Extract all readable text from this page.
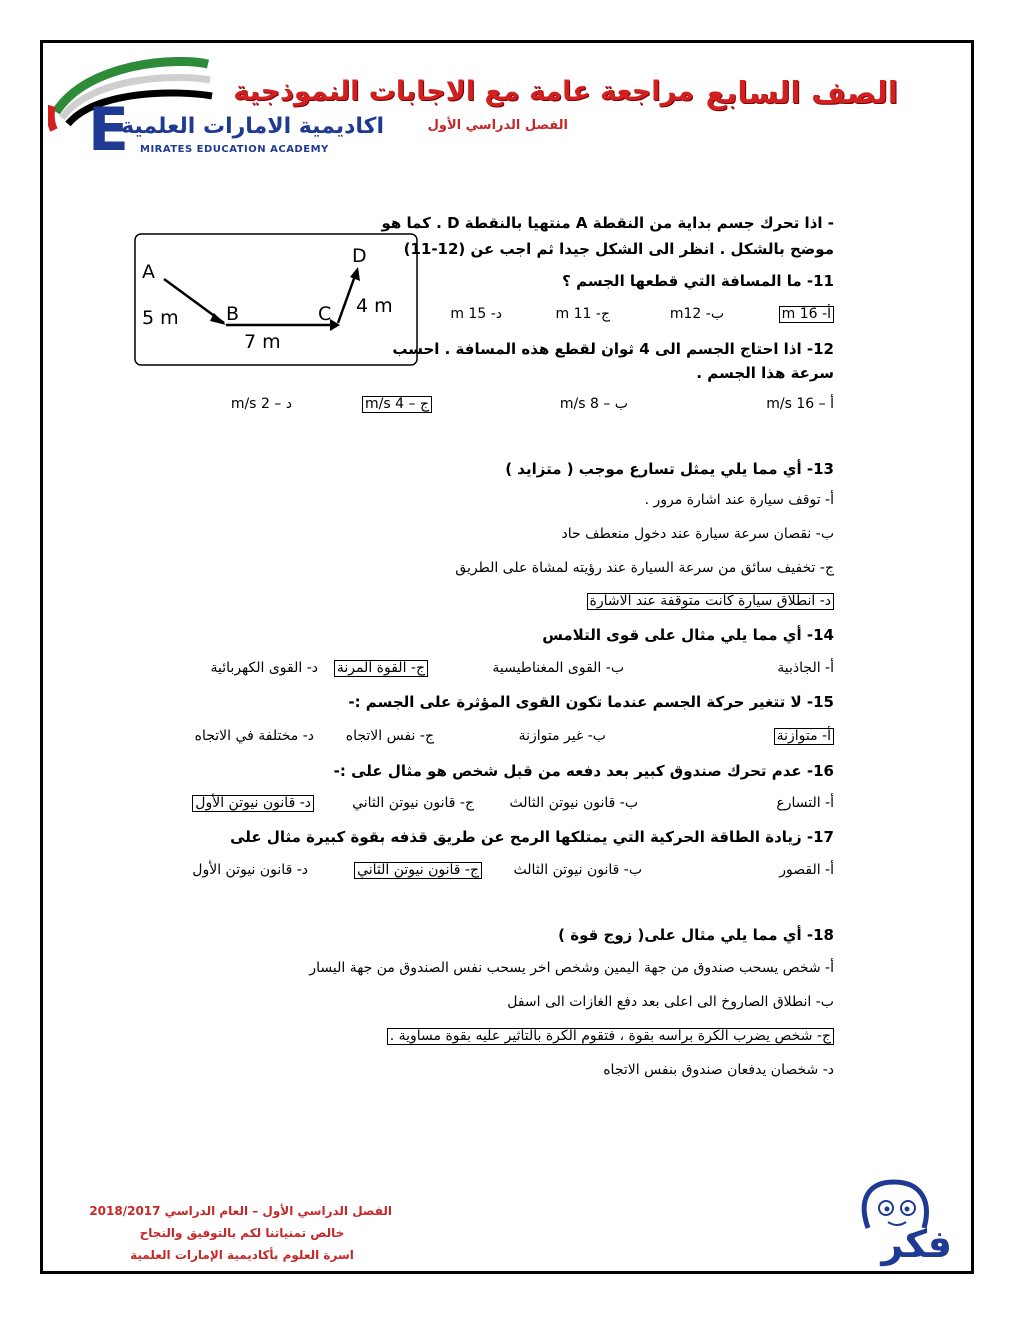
E
اكاديمية الامارات العلمية
MIRATES EDUCATION ACADEMY
الصف السابع
مراجعة عامة مع الاجابات النموذجية
الفصل الدراسي الأول
A
B	C
D
5 m
7 m
4 m
- اذا تحرك جسم بداية من النقطة A منتهيا بالنقطة D . كما هو
موضح بالشكل . انظر الى الشكل جيدا ثم اجب عن (12-11)
11- ما المسافة التي قطعها الجسم ؟
أ- 16 m
ب- m12
ج- 11 m
د- 15 m
12- اذا احتاج الجسم الى 4 ثوان لقطع هذه المسافة . احسب
سرعة هذا الجسم .
أ – 16 m/s
ب – 8 m/s
ج – 4 m/s
د – 2 m/s
13- أي مما يلي يمثل تسارع موجب ( متزايد )
أ- توقف سيارة عند اشارة مرور .
ب- نقصان سرعة سيارة عند دخول منعطف حاد
ج- تخفيف سائق من سرعة السيارة عند رؤيته لمشاة على الطريق
د- انطلاق سيارة كانت متوقفة عند الاشارة
14- أي مما يلي مثال على قوى التلامس
أ- الجاذبية
ب- القوى المغناطيسية
ج- القوة المرنة
د- القوى الكهربائية
15- لا تتغير حركة الجسم عندما تكون القوى المؤثرة على الجسم :-
أ- متوازنة
ب- غير متوازنة
ج- نفس الاتجاه
د- مختلفة في الاتجاه
16- عدم تحرك صندوق كبير بعد دفعه من قبل شخص هو مثال على :-
أ- التسارع
ب- قانون نيوتن الثالث
ج- قانون نيوتن الثاني
د- قانون نيوتن الأول
17- زيادة الطاقة الحركية التي يمتلكها الرمح عن طريق قذفه بقوة كبيرة مثال على
أ- القصور
ب- قانون نيوتن الثالث
ج- قانون نيوتن الثاني
د- قانون نيوتن الأول
18- أي مما يلي مثال على( زوج قوة )
أ- شخص يسحب صندوق من جهة اليمين وشخص اخر يسحب نفس الصندوق من جهة اليسار
ب- انطلاق الصاروخ الى اعلى بعد دفع الغازات الى اسفل
ج- شخص يضرب الكرة براسه بقوة ، فتقوم الكرة بالتاثير عليه بقوة مساوية .
د- شخصان يدفعان صندوق بنفس الاتجاه
الفصل الدراسي الأول – العام الدراسي 2018/2017
خالص تمنياتنا لكم بالتوفيق والنجاح
اسرة العلوم بأكاديمية الإمارات العلمية	فكر
